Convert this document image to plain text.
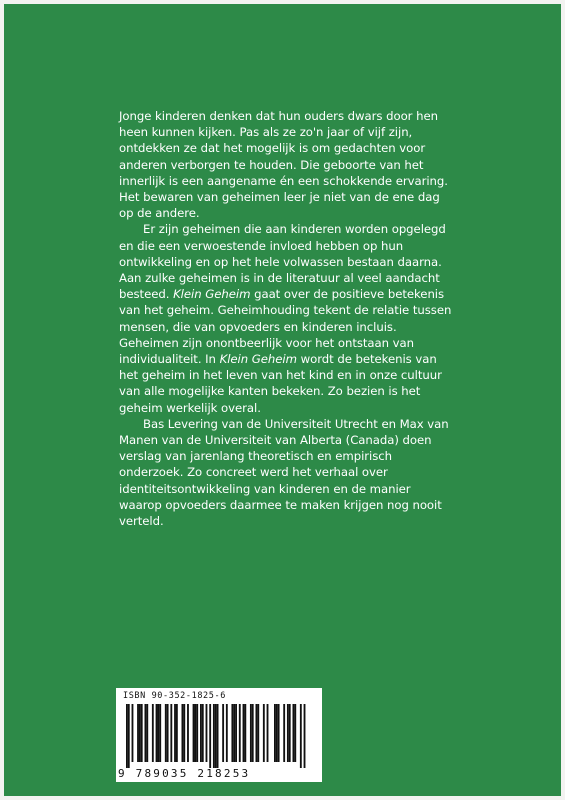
Jonge kinderen denken dat hun ouders dwars door hen heen kunnen kijken. Pas als ze zo'n jaar of vijf zijn, ontdekken ze dat het mogelijk is om gedachten voor anderen verborgen te houden. Die geboorte van het innerlijk is een aangename én een schokkende ervaring. Het bewaren van geheimen leer je niet van de ene dag op de andere.

Er zijn geheimen die aan kinderen worden opgelegd en die een verwoestende invloed hebben op hun ontwikkeling en op het hele volwassen bestaan daarna. Aan zulke geheimen is in de literatuur al veel aandacht besteed. Klein Geheim gaat over de positieve betekenis van het geheim. Geheimhouding tekent de relatie tussen mensen, die van opvoeders en kinderen incluis. Geheimen zijn onontbeerlijk voor het ontstaan van individualiteit. In Klein Geheim wordt de betekenis van het geheim in het leven van het kind en in onze cultuur van alle mogelijke kanten bekeken. Zo bezien is het geheim werkelijk overal.

Bas Levering van de Universiteit Utrecht en Max van Manen van de Universiteit van Alberta (Canada) doen verslag van jarenlang theoretisch en empirisch onderzoek. Zo concreet werd het verhaal over identiteitsontwikkeling van kinderen en de manier waarop opvoeders daarmee te maken krijgen nog nooit verteld.

ISBN 90-352-1825-6
9 789035 218253
